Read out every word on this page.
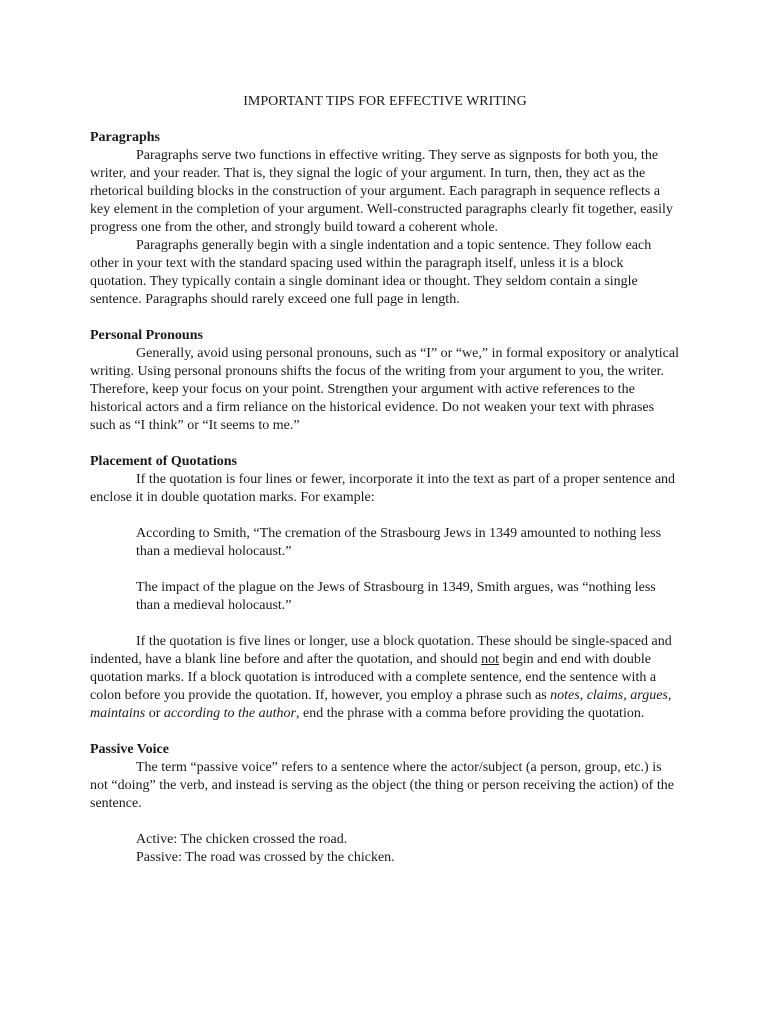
IMPORTANT TIPS FOR EFFECTIVE WRITING

Paragraphs

Paragraphs serve two functions in effective writing. They serve as signposts for both you, the writer, and your reader. That is, they signal the logic of your argument. In turn, then, they act as the rhetorical building blocks in the construction of your argument. Each paragraph in sequence reflects a key element in the completion of your argument. Well-constructed paragraphs clearly fit together, easily progress one from the other, and strongly build toward a coherent whole.

Paragraphs generally begin with a single indentation and a topic sentence. They follow each other in your text with the standard spacing used within the paragraph itself, unless it is a block quotation. They typically contain a single dominant idea or thought. They seldom contain a single sentence. Paragraphs should rarely exceed one full page in length.

Personal Pronouns

Generally, avoid using personal pronouns, such as “I” or “we,” in formal expository or analytical writing. Using personal pronouns shifts the focus of the writing from your argument to you, the writer. Therefore, keep your focus on your point. Strengthen your argument with active references to the historical actors and a firm reliance on the historical evidence. Do not weaken your text with phrases such as “I think” or “It seems to me.”

Placement of Quotations

If the quotation is four lines or fewer, incorporate it into the text as part of a proper sentence and enclose it in double quotation marks. For example:

According to Smith, “The cremation of the Strasbourg Jews in 1349 amounted to nothing less than a medieval holocaust.”

The impact of the plague on the Jews of Strasbourg in 1349, Smith argues, was “nothing less than a medieval holocaust.”

If the quotation is five lines or longer, use a block quotation. These should be single-spaced and indented, have a blank line before and after the quotation, and should not begin and end with double quotation marks. If a block quotation is introduced with a complete sentence, end the sentence with a colon before you provide the quotation. If, however, you employ a phrase such as notes, claims, argues, maintains or according to the author, end the phrase with a comma before providing the quotation.

Passive Voice

The term “passive voice” refers to a sentence where the actor/subject (a person, group, etc.) is not “doing” the verb, and instead is serving as the object (the thing or person receiving the action) of the sentence.

Active: The chicken crossed the road.

Passive: The road was crossed by the chicken.
